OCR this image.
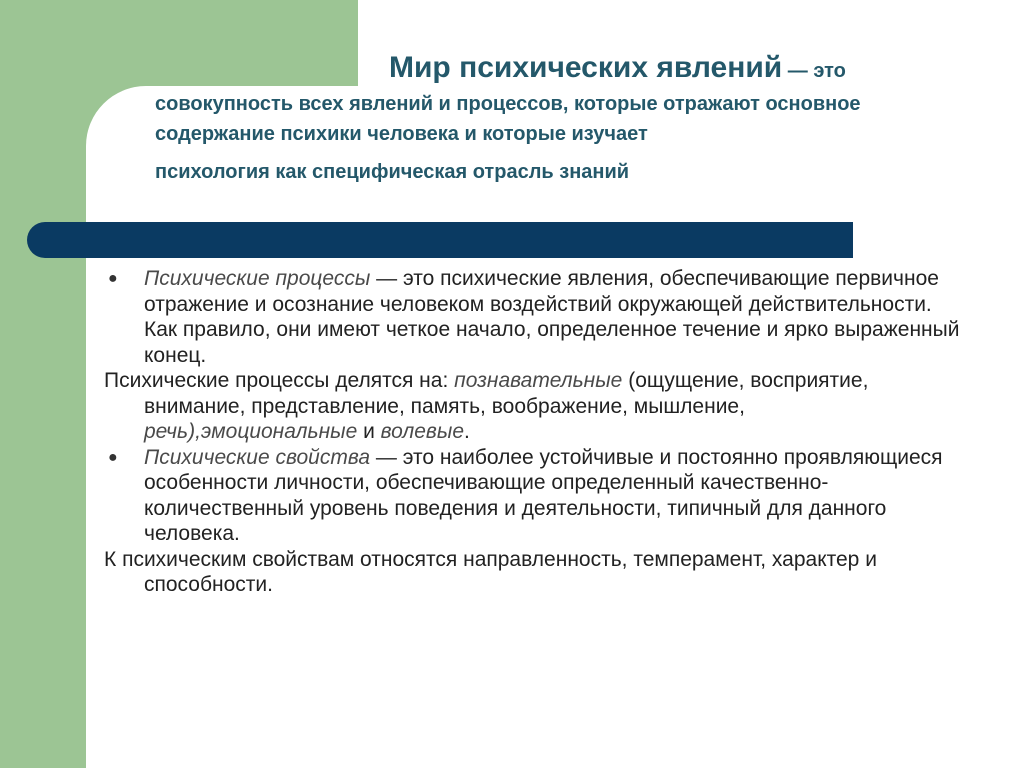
Мир психических явлений — это
совокупность всех явлений и процессов, которые отражают основное содержание психики человека и которые изучает
психология как специфическая отрасль знаний
● Психические процессы — это психические явления, обеспечивающие первичное отражение и осознание человеком воздействий окружающей действительности. Как правило, они имеют четкое начало, определенное течение и ярко выраженный конец.
Психические процессы делятся на: познавательные (ощущение, восприятие, внимание, представление, память, воображение, мышление, речь),эмоциональные и волевые.
● Психические свойства — это наиболее устойчивые и постоянно проявляющиеся особенности личности, обеспечивающие определенный качественно-количественный уровень поведения и деятельности, типичный для данного человека.
К психическим свойствам относятся направленность, темперамент, характер и способности.
